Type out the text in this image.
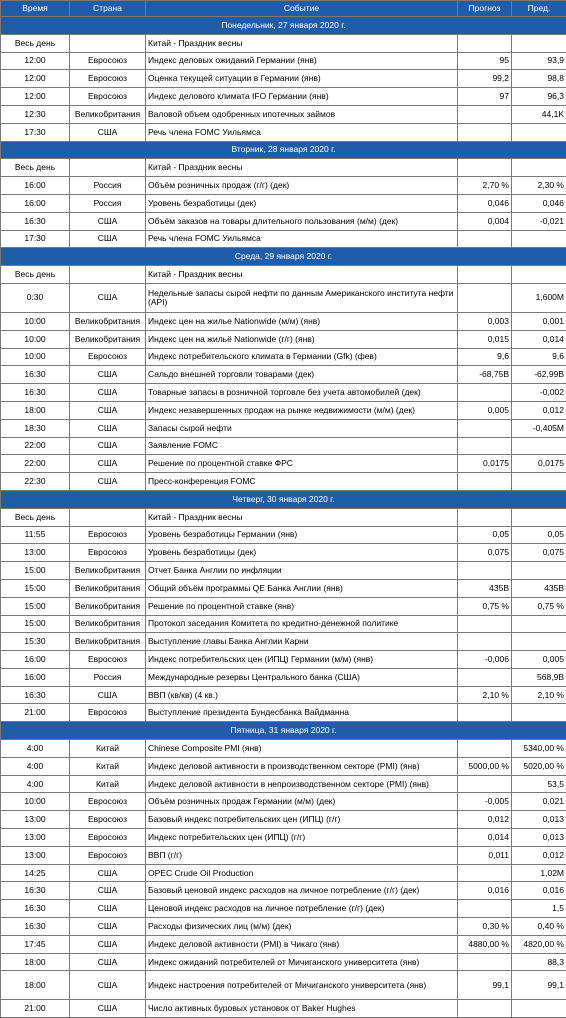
Время	Страна	Событие	Прогноз	Пред.
Понедельник, 27 января 2020 г.				
Весь день		Китай - Праздник весны		
12:00	Евросоюз	Индекс деловых ожиданий Германии (янв)	95	93,9
12:00	Евросоюз	Оценка текущей ситуации в Германии (янв)	99,2	98,8
12:00	Евросоюз	Индекс делового климата IFO Германии (янв)	97	96,3
12:30	Великобритания	Валовой объем одобренных ипотечных займов		44,1K
17:30	США	Речь члена FOMC Уильямса		
Вторник, 28 января 2020 г.				
Весь день		Китай - Праздник весны		
16:00	Россия	Объём розничных продаж (г/г) (дек)	2,70 %	2,30 %
16:00	Россия	Уровень безработицы (дек)	0,046	0,046
16:30	США	Объём заказов на товары длительного пользования (м/м) (дек)	0,004	-0,021
17:30	США	Речь члена FOMC Уильямса		
Среда, 29 января 2020 г.				
Весь день		Китай - Праздник весны		
0:30	США	Недельные запасы сырой нефти по данным Американского института нефти (API)		1,600M
10:00	Великобритания	Индекс цен на жилье Nationwide (м/м) (янв)	0,003	0,001
10:00	Великобритания	Индекс цен на жильё Nationwide (г/г) (янв)	0,015	0,014
10:00	Евросоюз	Индекс потребительского климата в Германии (Gfk) (фев)	9,6	9,6
16:30	США	Сальдо внешней торговли товарами (дек)	-68,75B	-62,99B
16:30	США	Товарные запасы в розничной торговле без учета автомобилей (дек)		-0,002
18:00	США	Индекс незавершенных продаж на рынке недвижимости (м/м) (дек)	0,005	0,012
18:30	США	Запасы сырой нефти		-0,405M
22:00	США	Заявление FOMC		
22:00	США	Решение по процентной ставке ФРС	0,0175	0,0175
22:30	США	Пресс-конференция FOMC		
Четверг, 30 января 2020 г.				
Весь день		Китай - Праздник весны		
11:55	Евросоюз	Уровень безработицы Германии (янв)	0,05	0,05
13:00	Евросоюз	Уровень безработицы (дек)	0,075	0,075
15:00	Великобритания	Отчет Банка Англии по инфляции		
15:00	Великобритания	Общий объём программы QE Банка Англии (янв)	435B	435B
15:00	Великобритания	Решение по процентной ставке (янв)	0,75 %	0,75 %
15:00	Великобритания	Протокол заседания Комитета по кредитно-денежной политике		
15:30	Великобритания	Выступление главы Банка Англии Карни		
16:00	Евросоюз	Индекс потребительских цен (ИПЦ) Германии (м/м) (янв)	-0,006	0,005
16:00	Россия	Международные резервы Центрального банка (США)		568,9B
16:30	США	ВВП (кв/кв) (4 кв.)	2,10 %	2,10 %
21:00	Евросоюз	Выступление президента Бундесбанка Вайдманна		
Пятница, 31 января 2020 г.				
4:00	Китай	Chinese Composite PMI (янв)		5340,00 %
4:00	Китай	Индекс деловой активности в производственном секторе (PMI) (янв)	5000,00 %	5020,00 %
4:00	Китай	Индекс деловой активности в непроизводственном секторе (PMI) (янв)		53,5
10:00	Евросоюз	Объём розничных продаж Германии (м/м) (дек)	-0,005	0,021
13:00	Евросоюз	Базовый индекс потребительских цен (ИПЦ) (г/г)	0,012	0,013
13:00	Евросоюз	Индекс потребительских цен (ИПЦ) (г/г)	0,014	0,013
13:00	Евросоюз	ВВП (г/г)	0,011	0,012
14:25	США	OPEC Crude Oil Production		1,02M
16:30	США	Базовый ценовой индекс расходов на личное потребление (г/г) (дек)	0,016	0,016
16:30	США	Ценовой индекс расходов на личное потребление (г/г) (дек)		1,5
16:30	США	Расходы физических лиц (м/м) (дек)	0,30 %	0,40 %
17:45	США	Индекс деловой активности (PMI) в Чикаго (янв)	4880,00 %	4820,00 %
18:00	США	Индекс ожиданий потребителей от Мичиганского университета (янв)		88,3
18:00	США	Индекс настроения потребителей от Мичиганского университета (янв)	99,1	99,1
21:00	США	Число активных буровых установок от Baker Hughes		
